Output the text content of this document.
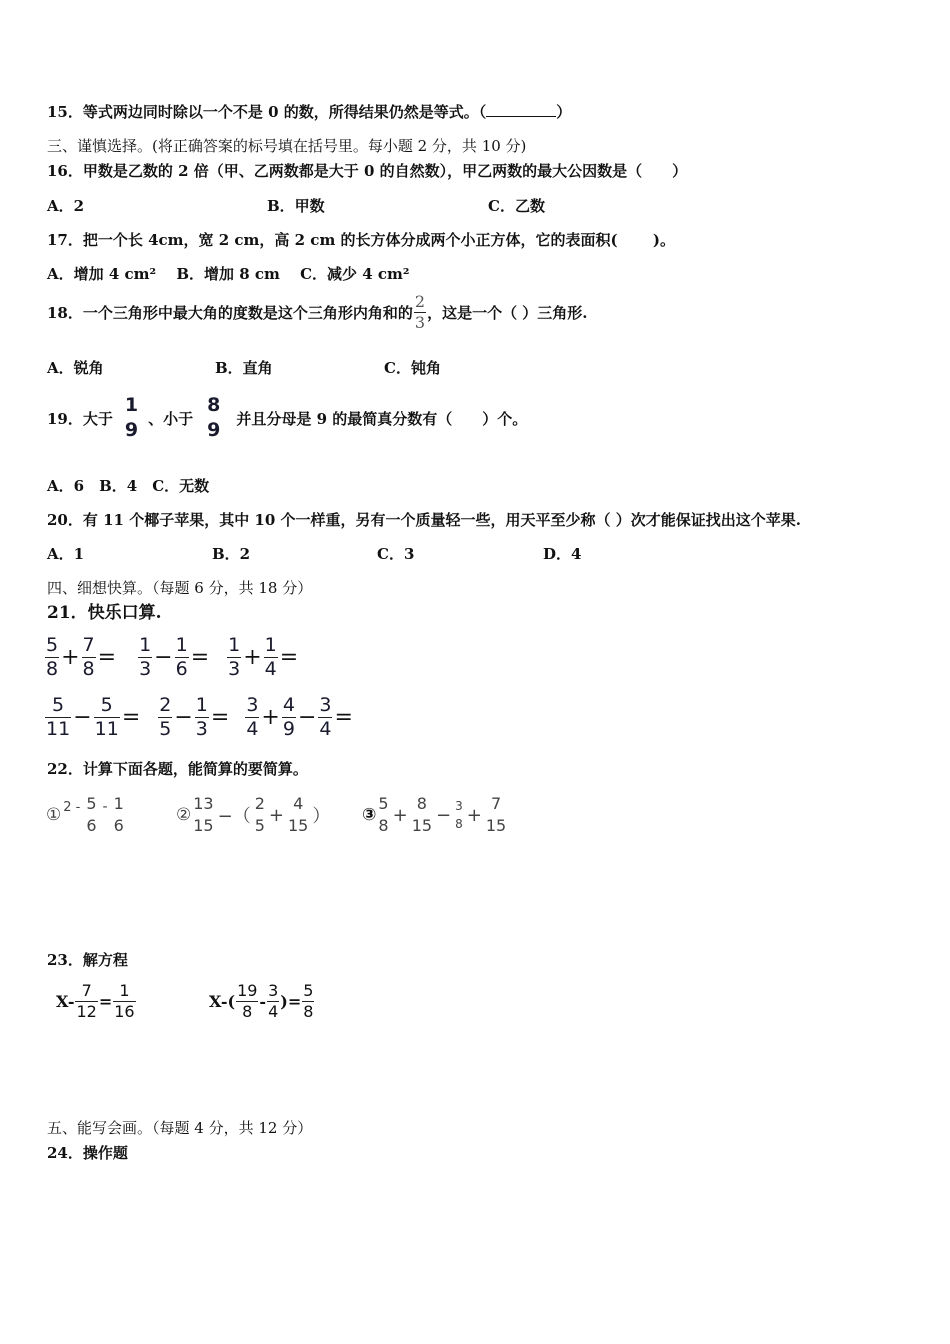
15．等式两边同时除以一个不是 0 的数，所得结果仍然是等式。（	）
三、谨慎选择。(将正确答案的标号填在括号里。每小题 2 分，共 10 分)
16．甲数是乙数的 2 倍（甲、乙两数都是大于 0 的自然数），甲乙两数的最大公因数是（　　）
A．2	B．甲数	C．乙数
17．把一个长 4cm，宽 2 cm，高 2 cm 的长方体分成两个小正方体，它的表面积(　　 )。
A．增加 4 cm² 　B．增加 8 cm　 C．减少 4 cm²
18．一个三角形中最大角的度数是这个三角形内角和的 $\frac{2}{3}$ ，这是一个（ ）三角形.
A．锐角	B．直角	C．钝角
19．大于
1
9
、小于
8
9
并且分母是 9 的最简真分数有（　　）个。
A．6　B．4　C．无数
20．有 11 个椰子苹果，其中 10 个一样重，另有一个质量轻一些，用天平至少称（ ）次才能保证找出这个苹果.
A．1	B．2	C．3	D．4
四、细想快算。（每题 6 分，共 18 分）
21．快乐口算.
$\frac{5}{8} + \frac{7}{8} = \frac{1}{3} - \frac{1}{6} = \frac{1}{3} + \frac{1}{4}$ =
$\frac{5}{11} - \frac{5}{11} = \frac{2}{5} - \frac{1}{3} = \frac{3}{4} + \frac{4}{9} - \frac{3}{4}$ =
22．计算下面各题，能简算的要简算。
① 2 - 5
6
- 1
6
②
13
15 −（
2
5 +
4
15 ） ③
5
8 +
8
15 − 3
8 +
7
15
23．解方程
$X- \frac{7}{12} = \frac{1}{16}$	$X-( \frac{19}{8} - \frac{3}{4}$ )= $\frac{5}{8}$
五、能写会画。（每题 4 分，共 12 分）
24．操作题
